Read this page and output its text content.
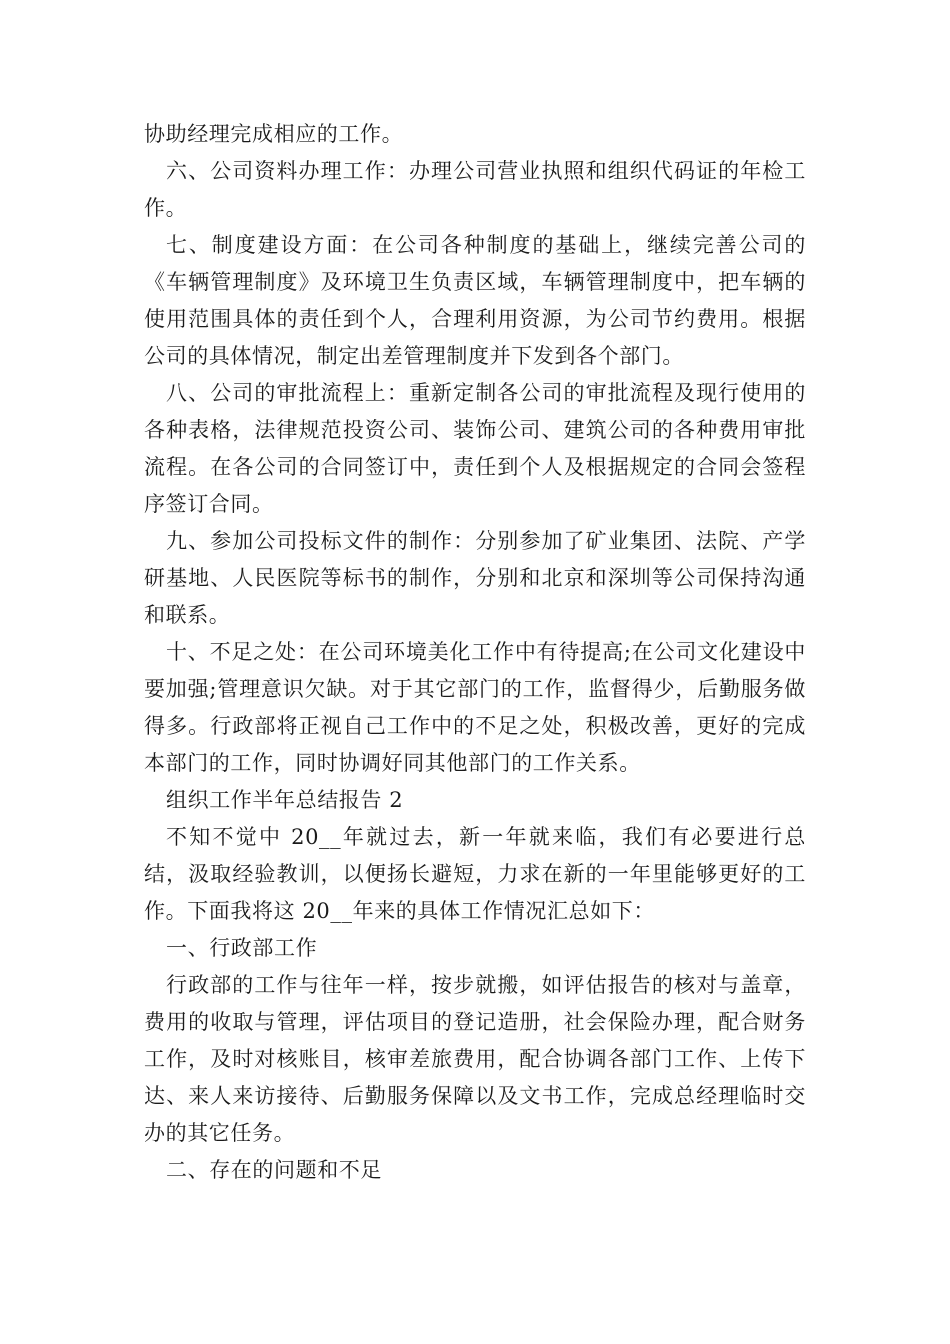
协助经理完成相应的工作。

六、公司资料办理工作：办理公司营业执照和组织代码证的年检工作。

七、制度建设方面：在公司各种制度的基础上，继续完善公司的《车辆管理制度》及环境卫生负责区域，车辆管理制度中，把车辆的使用范围具体的责任到个人，合理利用资源，为公司节约费用。根据公司的具体情况，制定出差管理制度并下发到各个部门。

八、公司的审批流程上：重新定制各公司的审批流程及现行使用的各种表格，法律规范投资公司、装饰公司、建筑公司的各种费用审批流程。在各公司的合同签订中，责任到个人及根据规定的合同会签程序签订合同。

九、参加公司投标文件的制作：分别参加了矿业集团、法院、产学研基地、人民医院等标书的制作，分别和北京和深圳等公司保持沟通和联系。

十、不足之处：在公司环境美化工作中有待提高;在公司文化建设中要加强;管理意识欠缺。对于其它部门的工作，监督得少，后勤服务做得多。行政部将正视自己工作中的不足之处，积极改善，更好的完成本部门的工作，同时协调好同其他部门的工作关系。

组织工作半年总结报告 2

不知不觉中 20__年就过去，新一年就来临，我们有必要进行总结，汲取经验教训，以便扬长避短，力求在新的一年里能够更好的工作。下面我将这 20__年来的具体工作情况汇总如下：

一、行政部工作

行政部的工作与往年一样，按步就搬，如评估报告的核对与盖章，费用的收取与管理，评估项目的登记造册，社会保险办理，配合财务工作，及时对核账目，核审差旅费用，配合协调各部门工作、上传下达、来人来访接待、后勤服务保障以及文书工作，完成总经理临时交办的其它任务。

二、存在的问题和不足
